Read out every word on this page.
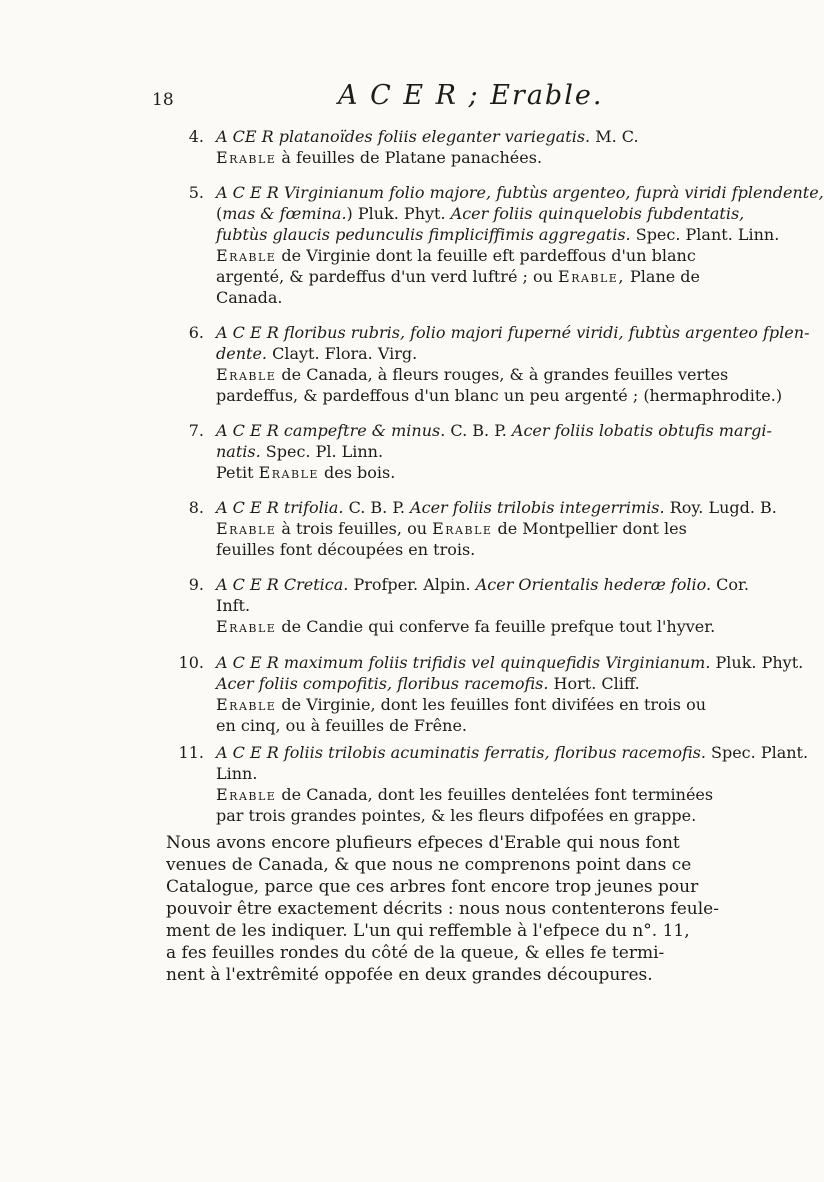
18	A C E R ; Erable.
4. A CE R platanoïdes foliis eleganter variegatis. M. C.
Erable à feuilles de Platane panachées.
5. A C E R Virginianum folio majore, fubtùs argenteo, fuprà viridi fplendente,
(mas & fœmina.) Pluk. Phyt. Acer foliis quinquelobis fubdentatis,
fubtùs glaucis pedunculis fimpliciffimis aggregatis. Spec. Plant. Linn.
Erable de Virginie dont la feuille eft pardeffous d'un blanc
argenté, & pardeffus d'un verd luftré ; ou Erable, Plane de
Canada.
6. A C E R floribus rubris, folio majori fuperné viridi, fubtùs argenteo fplen-
dente. Clayt. Flora. Virg.
Erable de Canada, à fleurs rouges, & à grandes feuilles vertes
pardeffus, & pardeffous d'un blanc un peu argenté ; (hermaphrodite.)
7. A C E R campeftre & minus. C. B. P. Acer foliis lobatis obtufis margi-
natis. Spec. Pl. Linn.
Petit Erable des bois.
8. A C E R trifolia. C. B. P. Acer foliis trilobis integerrimis. Roy. Lugd. B.
Erable à trois feuilles, ou Erable de Montpellier dont les
feuilles font découpées en trois.
9. A C E R Cretica. Profper. Alpin. Acer Orientalis hederæ folio. Cor.
Inft.
Erable de Candie qui conferve fa feuille prefque tout l'hyver.
10. A C E R maximum foliis trifidis vel quinquefidis Virginianum. Pluk. Phyt.
Acer foliis compofitis, floribus racemofis. Hort. Cliff.
Erable de Virginie, dont les feuilles font divifées en trois ou
en cinq, ou à feuilles de Frêne.
11. A C E R foliis trilobis acuminatis ferratis, floribus racemofis. Spec. Plant.
Linn.
Erable de Canada, dont les feuilles dentelées font terminées
par trois grandes pointes, & les fleurs difpofées en grappe.
Nous avons encore plufieurs efpeces d'Erable qui nous font
venues de Canada, & que nous ne comprenons point dans ce
Catalogue, parce que ces arbres font encore trop jeunes pour
pouvoir être exactement décrits : nous nous contenterons feule-
ment de les indiquer. L'un qui reffemble à l'efpece du n°. 11,
a fes feuilles rondes du côté de la queue, & elles fe termi-
nent à l'extrêmité oppofée en deux grandes découpures.
